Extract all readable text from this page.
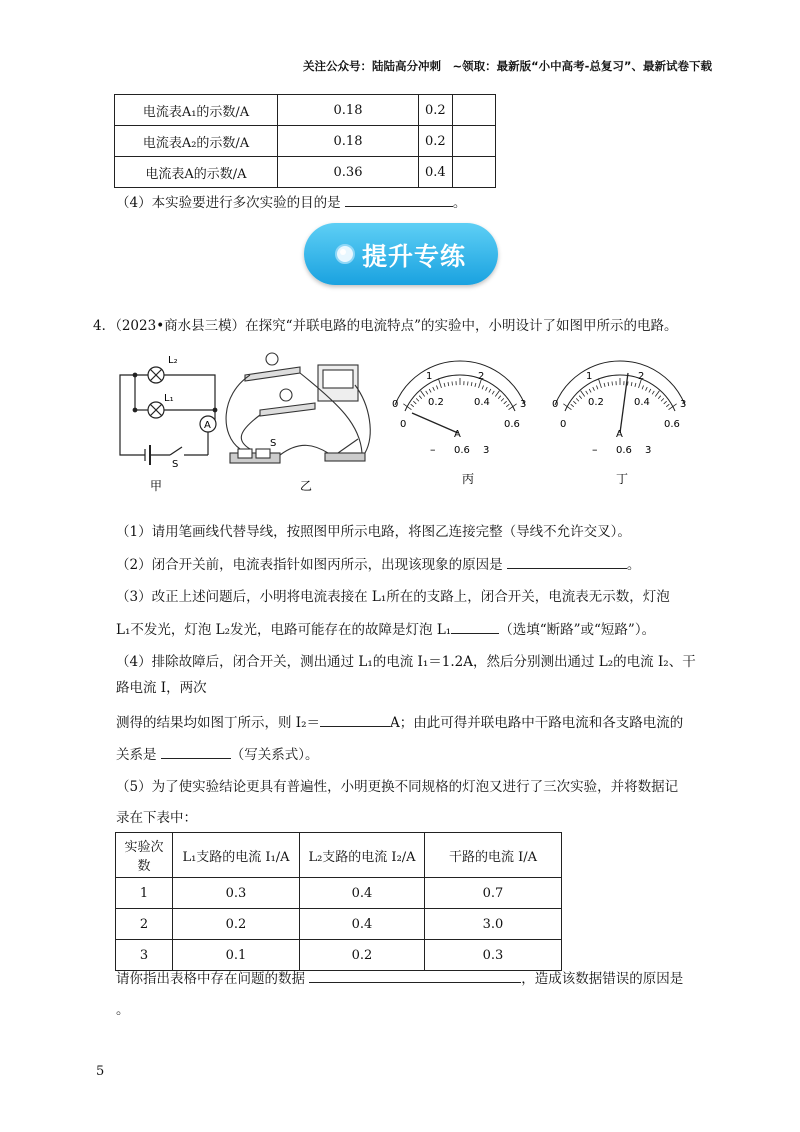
关注公众号：陆陆高分冲刺　~领取：最新版“小中高考-总复习”、最新试卷下载
电流表A₁的示数/A	0.18	0.2	
电流表A₂的示数/A	0.18	0.2	
电流表A的示数/A	0.36	0.4	
（4）本实验要进行多次实验的目的是	。
提升专练
4．（2023•商水县三模）在探究“并联电路的电流特点”的实验中，小明设计了如图甲所示的电路。
L₂
L₁
A
S
S
0
1	2
3
0
0.2	0.4
0.6
A
– 0.6 3
0
1	2
3
0
0.2	0.4
0.6
A
– 0.6 3
甲	乙	丙	丁
（1）请用笔画线代替导线，按照图甲所示电路，将图乙连接完整（导线不允许交叉）。
（2）闭合开关前，电流表指针如图丙所示，出现该现象的原因是	。
（3）改正上述问题后，小明将电流表接在 L₁所在的支路上，闭合开关，电流表无示数，灯泡
L₁不发光，灯泡 L₂发光，电路可能存在的故障是灯泡 L₁	（选填“断路”或“短路”）。
（4）排除故障后，闭合开关，测出通过 L₁的电流 I₁＝1.2A，然后分别测出通过 L₂的电流 I₂、干
路电流 I，两次
测得的结果均如图丁所示，则 I₂＝	A；由此可得并联电路中干路电流和各支路电流的
关系是	（写关系式）。
（5）为了使实验结论更具有普遍性，小明更换不同规格的灯泡又进行了三次实验，并将数据记
录在下表中：
实验次数	L₁支路的电流 I₁/A	L₂支路的电流 I₂/A	干路的电流 I/A
1	0.3	0.4	0.7
2	0.2	0.4	3.0
3	0.1	0.2	0.3
请你指出表格中存在问题的数据	，造成该数据错误的原因是
。
5
